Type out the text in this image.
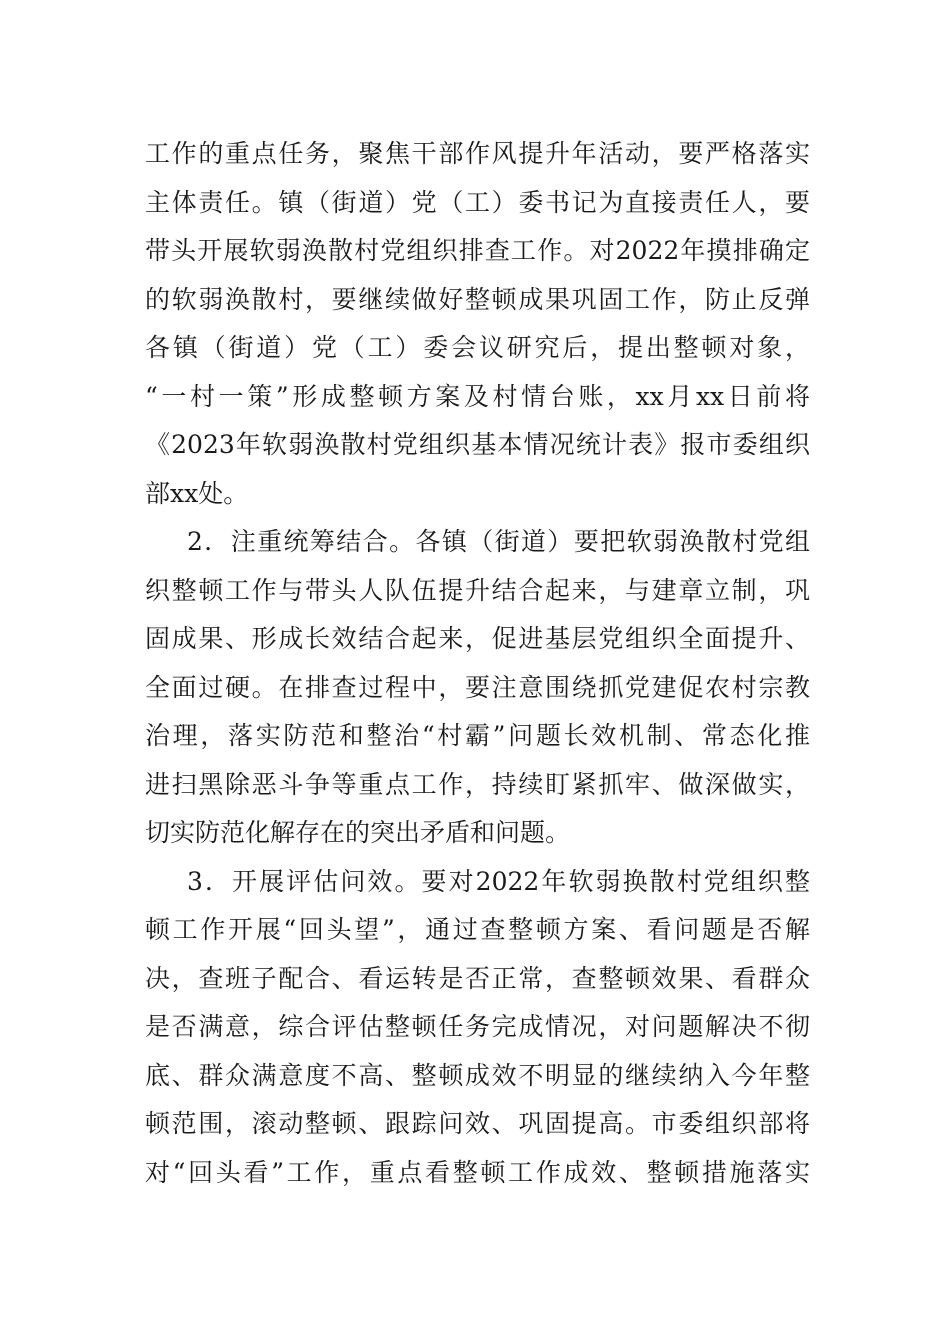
工作的重点任务，聚焦干部作风提升年活动，要严格落实
主体责任。镇（街道）党（工）委书记为直接责任人，要
带头开展软弱涣散村党组织排查工作。对2022年摸排确定
的软弱涣散村，要继续做好整顿成果巩固工作，防止反弹
各镇（街道）党（工）委会议研究后，提出整顿对象，
“一村一策”形成整顿方案及村情台账，xx月xx日前将
《2023年软弱涣散村党组织基本情况统计表》报市委组织
部xx处。
2．注重统筹结合。各镇（街道）要把软弱涣散村党组
织整顿工作与带头人队伍提升结合起来，与建章立制，巩
固成果、形成长效结合起来，促进基层党组织全面提升、
全面过硬。在排查过程中，要注意围绕抓党建促农村宗教
治理，落实防范和整治“村霸”问题长效机制、常态化推
进扫黑除恶斗争等重点工作，持续盯紧抓牢、做深做实，
切实防范化解存在的突出矛盾和问题。
3．开展评估问效。要对2022年软弱换散村党组织整
顿工作开展“回头望”，通过查整顿方案、看问题是否解
决，查班子配合、看运转是否正常，查整顿效果、看群众
是否满意，综合评估整顿任务完成情况，对问题解决不彻
底、群众满意度不高、整顿成效不明显的继续纳入今年整
顿范围，滚动整顿、跟踪问效、巩固提高。市委组织部将
对“回头看”工作，重点看整顿工作成效、整顿措施落实
